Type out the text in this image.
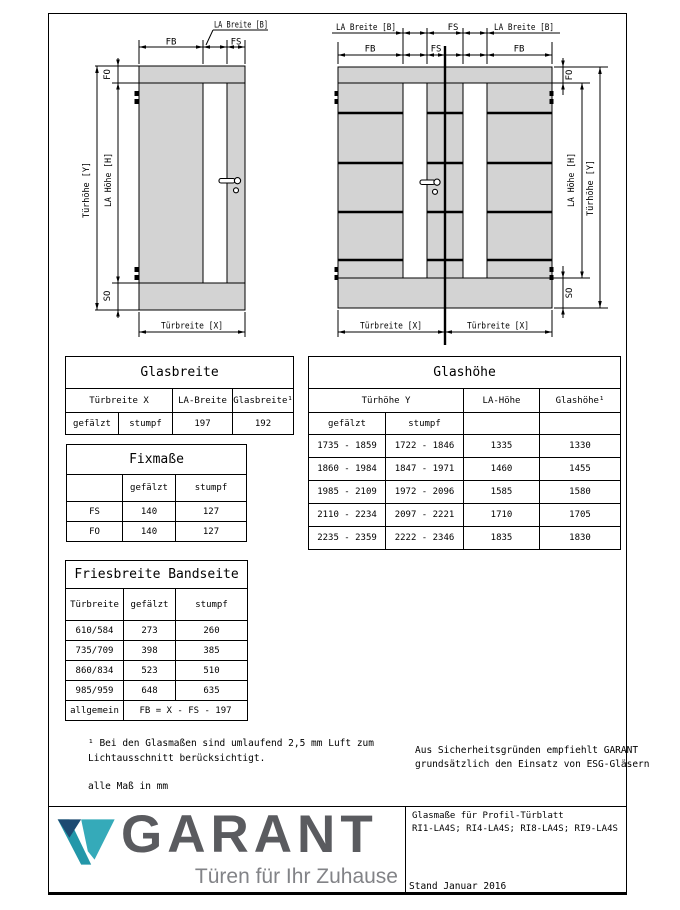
LA Breite [B]
FB	FS
FO
Türhöhe [Y] LA Höhe [H]
SO
Türbreite [X]
LA Breite [B]	FS	LA Breite [B]
FB	FS	FB
FO
LA Höhe [H] Türhöhe [Y]
SO
Türbreite [X]	Türbreite [X]
Glasbreite			
Türbreite X		LA-Breite	Glasbreite¹
gefälzt	stumpf	197	192
Glashöhe			
Türhöhe Y		LA-Höhe	Glashöhe¹
gefälzt	stumpf		
1735 - 1859	1722 - 1846	1335	1330
1860 - 1984	1847 - 1971	1460	1455
1985 - 2109	1972 - 2096	1585	1580
2110 - 2234	2097 - 2221	1710	1705
2235 - 2359	2222 - 2346	1835	1830
Fixmaße		
	gefälzt	stumpf
FS	140	127
FO	140	127
Friesbreite Bandseite		
Türbreite	gefälzt	stumpf
610/584	273	260
735/709	398	385
860/834	523	510
985/959	648	635
allgemein	FB = X - FS - 197	
¹ Bei den Glasmaßen sind umlaufend 2,5 mm Luft zum
Lichtausschnitt berücksichtigt.
alle Maß in mm
Aus Sicherheitsgründen empfiehlt GARANT
grundsätzlich den Einsatz von ESG-Gläsern
GARANT
Türen für Ihr Zuhause
Glasmaße für Profil-Türblatt
RI1-LA4S; RI4-LA4S; RI8-LA4S; RI9-LA4S
Stand Januar 2016
